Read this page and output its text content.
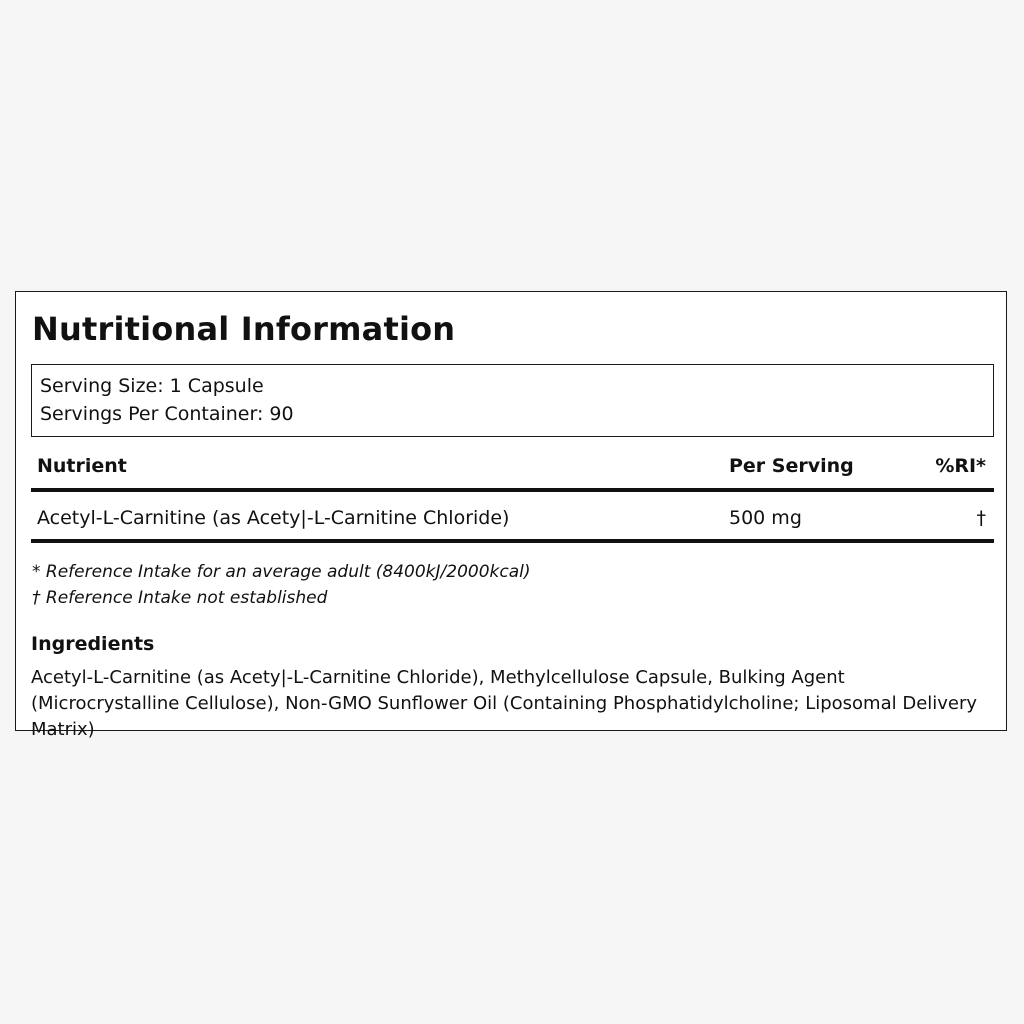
Nutritional Information
Serving Size: 1 Capsule
Servings Per Container: 90
Nutrient	Per Serving	%RI*
Acetyl-L-Carnitine (as Acety|-L-Carnitine Chloride)	500 mg	†
* Reference Intake for an average adult (8400kJ/2000kcal)
† Reference Intake not established
Ingredients
Acetyl-L-Carnitine (as Acety|-L-Carnitine Chloride), Methylcellulose Capsule, Bulking Agent (Microcrystalline Cellulose), Non-GMO Sunflower Oil (Containing Phosphatidylcholine; Liposomal Delivery Matrix)
